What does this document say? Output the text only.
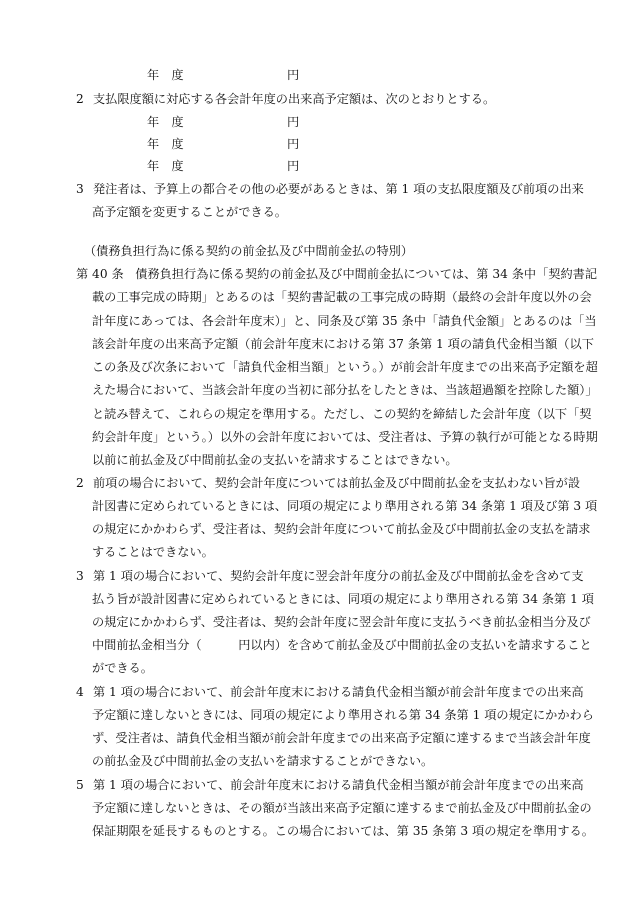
年　度	円
2 支払限度額に対応する各会計年度の出来高予定額は、次のとおりとする。
年　度	円
年　度	円
年　度	円
3 発注者は、予算上の都合その他の必要があるときは、第 1 項の支払限度額及び前項の出来
高予定額を変更することができる。
（債務負担行為に係る契約の前金払及び中間前金払の特別）
第 40 条 債務負担行為に係る契約の前金払及び中間前金払については、第 34 条中「契約書記
載の工事完成の時期」とあるのは「契約書記載の工事完成の時期（最終の会計年度以外の会
計年度にあっては、各会計年度末）」と、同条及び第 35 条中「請負代金額」とあるのは「当
該会計年度の出来高予定額（前会計年度末における第 37 条第 1 項の請負代金相当額（以下
この条及び次条において「請負代金相当額」という。）が前会計年度までの出来高予定額を超
えた場合において、当該会計年度の当初に部分払をしたときは、当該超過額を控除した額）」
と読み替えて、これらの規定を準用する。ただし、この契約を締結した会計年度（以下「契
約会計年度」という。）以外の会計年度においては、受注者は、予算の執行が可能となる時期
以前に前払金及び中間前払金の支払いを請求することはできない。
2 前項の場合において、契約会計年度については前払金及び中間前払金を支払わない旨が設
計図書に定められているときには、同項の規定により準用される第 34 条第 1 項及び第 3 項
の規定にかかわらず、受注者は、契約会計年度について前払金及び中間前払金の支払を請求
することはできない。
3 第 1 項の場合において、契約会計年度に翌会計年度分の前払金及び中間前払金を含めて支
払う旨が設計図書に定められているときには、同項の規定により準用される第 34 条第 1 項
の規定にかかわらず、受注者は、契約会計年度に翌会計年度に支払うべき前払金相当分及び
中間前払金相当分（　　　円以内）を含めて前払金及び中間前払金の支払いを請求すること
ができる。
4 第 1 項の場合において、前会計年度末における請負代金相当額が前会計年度までの出来高
予定額に達しないときには、同項の規定により準用される第 34 条第 1 項の規定にかかわら
ず、受注者は、請負代金相当額が前会計年度までの出来高予定額に達するまで当該会計年度
の前払金及び中間前払金の支払いを請求することができない。
5 第 1 項の場合において、前会計年度末における請負代金相当額が前会計年度までの出来高
予定額に達しないときは、その額が当該出来高予定額に達するまで前払金及び中間前払金の
保証期限を延長するものとする。この場合においては、第 35 条第 3 項の規定を準用する。
